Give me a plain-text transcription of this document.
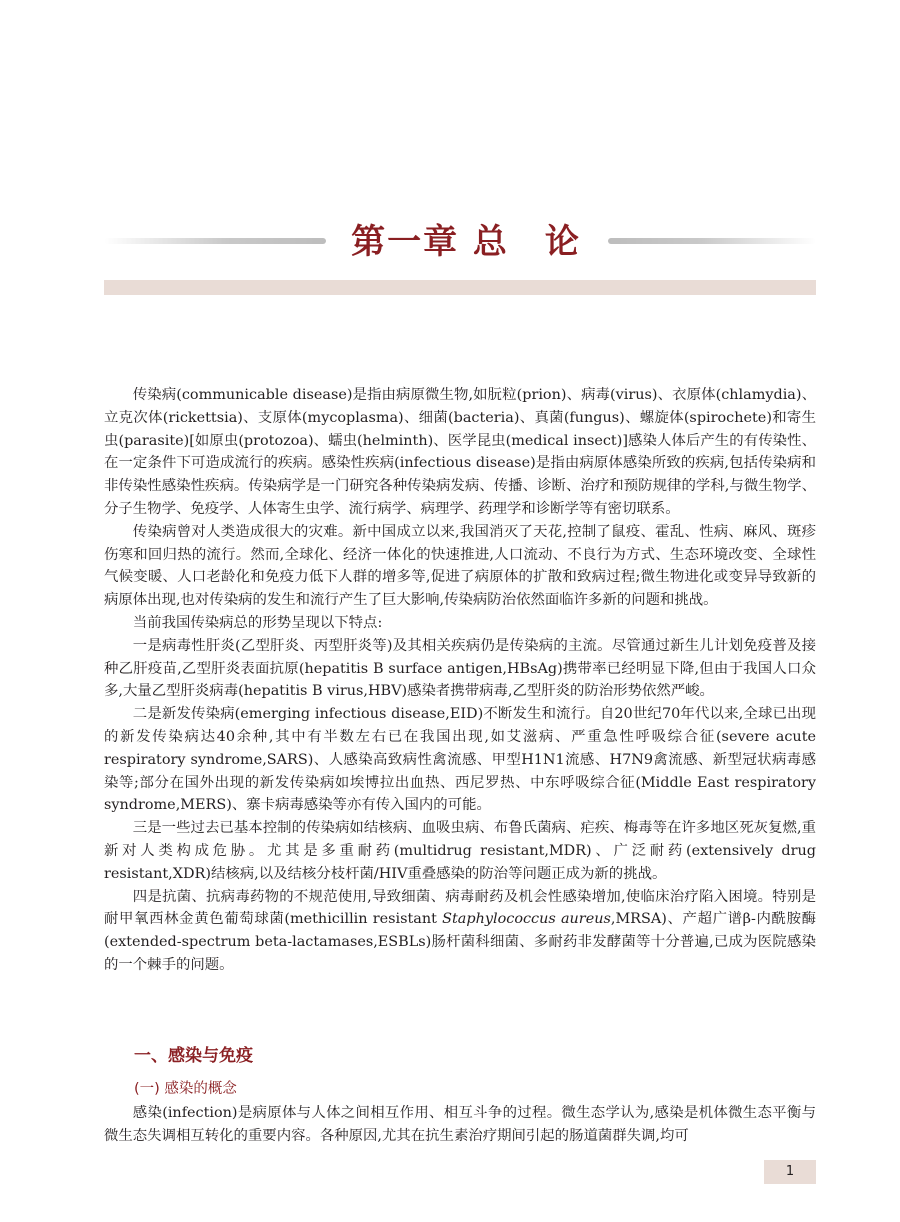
第一章 总　论

传染病(communicable disease)是指由病原微生物,如朊粒(prion)、病毒(virus)、衣原体(chlamydia)、立克次体(rickettsia)、支原体(mycoplasma)、细菌(bacteria)、真菌(fungus)、螺旋体(spirochete)和寄生虫(parasite)[如原虫(protozoa)、蠕虫(helminth)、医学昆虫(medical insect)]感染人体后产生的有传染性、在一定条件下可造成流行的疾病。感染性疾病(infectious disease)是指由病原体感染所致的疾病,包括传染病和非传染性感染性疾病。传染病学是一门研究各种传染病发病、传播、诊断、治疗和预防规律的学科,与微生物学、分子生物学、免疫学、人体寄生虫学、流行病学、病理学、药理学和诊断学等有密切联系。

传染病曾对人类造成很大的灾难。新中国成立以来,我国消灭了天花,控制了鼠疫、霍乱、性病、麻风、斑疹伤寒和回归热的流行。然而,全球化、经济一体化的快速推进,人口流动、不良行为方式、生态环境改变、全球性气候变暖、人口老龄化和免疫力低下人群的增多等,促进了病原体的扩散和致病过程;微生物进化或变异导致新的病原体出现,也对传染病的发生和流行产生了巨大影响,传染病防治依然面临许多新的问题和挑战。

当前我国传染病总的形势呈现以下特点:

一是病毒性肝炎(乙型肝炎、丙型肝炎等)及其相关疾病仍是传染病的主流。尽管通过新生儿计划免疫普及接种乙肝疫苗,乙型肝炎表面抗原(hepatitis B surface antigen,HBsAg)携带率已经明显下降,但由于我国人口众多,大量乙型肝炎病毒(hepatitis B virus,HBV)感染者携带病毒,乙型肝炎的防治形势依然严峻。

二是新发传染病(emerging infectious disease,EID)不断发生和流行。自20世纪70年代以来,全球已出现的新发传染病达40余种,其中有半数左右已在我国出现,如艾滋病、严重急性呼吸综合征(severe acute respiratory syndrome,SARS)、人感染高致病性禽流感、甲型H1N1流感、H7N9禽流感、新型冠状病毒感染等;部分在国外出现的新发传染病如埃博拉出血热、西尼罗热、中东呼吸综合征(Middle East respiratory syndrome,MERS)、寨卡病毒感染等亦有传入国内的可能。

三是一些过去已基本控制的传染病如结核病、血吸虫病、布鲁氏菌病、疟疾、梅毒等在许多地区死灰复燃,重新对人类构成危胁。尤其是多重耐药(multidrug resistant,MDR)、广泛耐药(extensively drug resistant,XDR)结核病,以及结核分枝杆菌/HIV重叠感染的防治等问题正成为新的挑战。

四是抗菌、抗病毒药物的不规范使用,导致细菌、病毒耐药及机会性感染增加,使临床治疗陷入困境。特别是耐甲氧西林金黄色葡萄球菌(methicillin resistant Staphylococcus aureus,MRSA)、产超广谱β-内酰胺酶(extended-spectrum beta-lactamases,ESBLs)肠杆菌科细菌、多耐药非发酵菌等十分普遍,已成为医院感染的一个棘手的问题。

一、感染与免疫
(一) 感染的概念

感染(infection)是病原体与人体之间相互作用、相互斗争的过程。微生态学认为,感染是机体微生态平衡与微生态失调相互转化的重要内容。各种原因,尤其在抗生素治疗期间引起的肠道菌群失调,均可

1
